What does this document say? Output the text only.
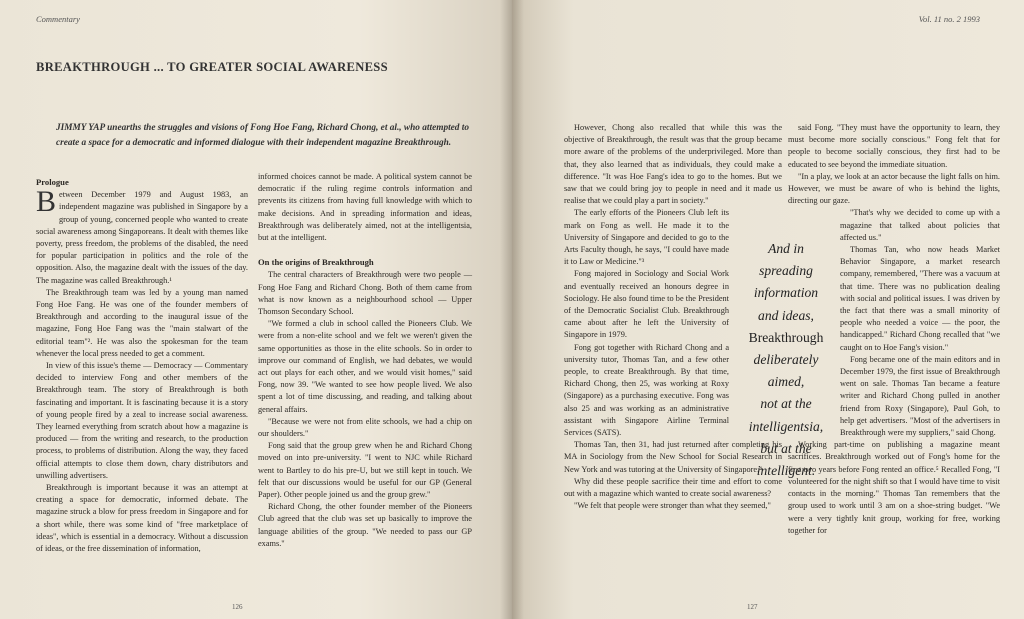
Commentary
BREAKTHROUGH ... TO GREATER SOCIAL AWARENESS

JIMMY YAP unearths the struggles and visions of Fong Hoe Fang, Richard Chong, et al., who attempted to create a space for a democratic and informed dialogue with their independent magazine Breakthrough.

Prologue

Between December 1979 and August 1983, an independent magazine was published in Singapore by a group of young, concerned people who wanted to create social awareness among Singaporeans. It dealt with themes like poverty, press freedom, the problems of the disabled, the need for popular participation in politics and the role of the opposition. Also, the magazine dealt with the issues of the day. The magazine was called Breakthrough.¹

The Breakthrough team was led by a young man named Fong Hoe Fang. He was one of the founder members of Breakthrough and according to the inaugural issue of the magazine, Fong Hoe Fang was the "main stalwart of the editorial team"². He was also the spokesman for the team whenever the local press needed to get a comment.

In view of this issue's theme — Democracy — Commentary decided to interview Fong and other members of the Breakthrough team. The story of Breakthrough is both fascinating and important. It is fascinating because it is a story of young people fired by a zeal to increase social awareness. They learned everything from scratch about how a magazine is produced — from the writing and research, to the production process, to problems of distribution. Along the way, they faced official attempts to close them down, chary distributors and unwilling advertisers.

Breakthrough is important because it was an attempt at creating a space for democratic, informed debate. The magazine struck a blow for press freedom in Singapore and for a short while, there was some kind of "free marketplace of ideas", which is essential in a democracy. Without a discussion of ideas, or the free dissemination of information,

informed choices cannot be made. A political system cannot be democratic if the ruling regime controls information and prevents its citizens from having full knowledge with which to make decisions. And in spreading information and ideas, Breakthrough was deliberately aimed, not at the intelligentsia, but at the intelligent.

On the origins of Breakthrough

The central characters of Breakthrough were two people — Fong Hoe Fang and Richard Chong. Both of them came from what is now known as a neighbourhood school — Upper Thomson Secondary School.

"We formed a club in school called the Pioneers Club. We were from a non-elite school and we felt we weren't given the same opportunities as those in the elite schools. So in order to improve our command of English, we had debates, we would act out plays for each other, and we would visit homes," said Fong, now 39. "We wanted to see how people lived. We also spent a lot of time discussing, and reading, and talking about general affairs.

"Because we were not from elite schools, we had a chip on our shoulders."

Fong said that the group grew when he and Richard Chong moved on into pre-university. "I went to NJC while Richard went to Bartley to do his pre-U, but we still kept in touch. We felt that our discussions would be useful for our GP (General Paper). Other people joined us and the group grew."

Richard Chong, the other founder member of the Pioneers Club agreed that the club was set up basically to improve the language abilities of the group. "We needed to pass our GP exams."

126
Vol. 11 no. 2 1993

However, Chong also recalled that while this was the objective of Breakthrough, the result was that the group became more aware of the problems of the underprivileged. More than that, they also learned that as individuals, they could make a difference. "It was Hoe Fang's idea to go to the homes. But we saw that we could bring joy to people in need and it made us realise that we could play a part in society."

The early efforts of the Pioneers Club left its mark on Fong as well. He made it to the University of Singapore and decided to go to the Arts Faculty though, he says, "I could have made it to Law or Medicine."³

Fong majored in Sociology and Social Work and eventually received an honours degree in Sociology. He also found time to be the President of the Democratic Socialist Club. Breakthrough came about after he left the University of Singapore in 1979.

Fong got together with Richard Chong and a university tutor, Thomas Tan, and a few other people, to create Breakthrough. By that time, Richard Chong, then 25, was working at Roxy (Singapore) as a purchasing executive. Fong was also 25 and was working as an administrative assistant with Singapore Airline Terminal Services (SATS).

Thomas Tan, then 31, had just returned after completing his MA in Sociology from the New School for Social Research in New York and was tutoring at the University of Singapore.⁴

Why did these people sacrifice their time and effort to come out with a magazine which wanted to create social awareness?

"We felt that people were stronger than what they seemed,"

And in
spreading
information
and ideas,
Breakthrough
deliberately
aimed,
not at the
intelligentsia,
but at the
intelligent.

said Fong. "They must have the opportunity to learn, they must become more socially conscious." Fong felt that for people to become socially conscious, they first had to be educated to see beyond the immediate situation.

"In a play, we look at an actor because the light falls on him. However, we must be aware of who is behind the lights, directing our gaze.

"That's why we decided to come up with a magazine that talked about policies that affected us."

Thomas Tan, who now heads Market Behavior Singapore, a market research company, remembered, "There was a vacuum at that time. There was no publication dealing with social and political issues. I was driven by the fact that there was a small minority of people who needed a voice — the poor, the handicapped." Richard Chong recalled that "we caught on to Hoe Fang's vision."

Fong became one of the main editors and in December 1979, the first issue of Breakthrough went on sale. Thomas Tan became a feature writer and Richard Chong pulled in another friend from Roxy (Singapore), Paul Goh, to help get advertisers. "Most of the advertisers in Breakthrough were my suppliers," said Chong.

Working part-time on publishing a magazine meant sacrifices. Breakthrough worked out of Fong's home for the first two years before Fong rented an office.⁵ Recalled Fong, "I volunteered for the night shift so that I would have time to visit contacts in the morning." Thomas Tan remembers that the group used to work until 3 am on a shoe-string budget. "We were a very tightly knit group, working for free, working together for

127
